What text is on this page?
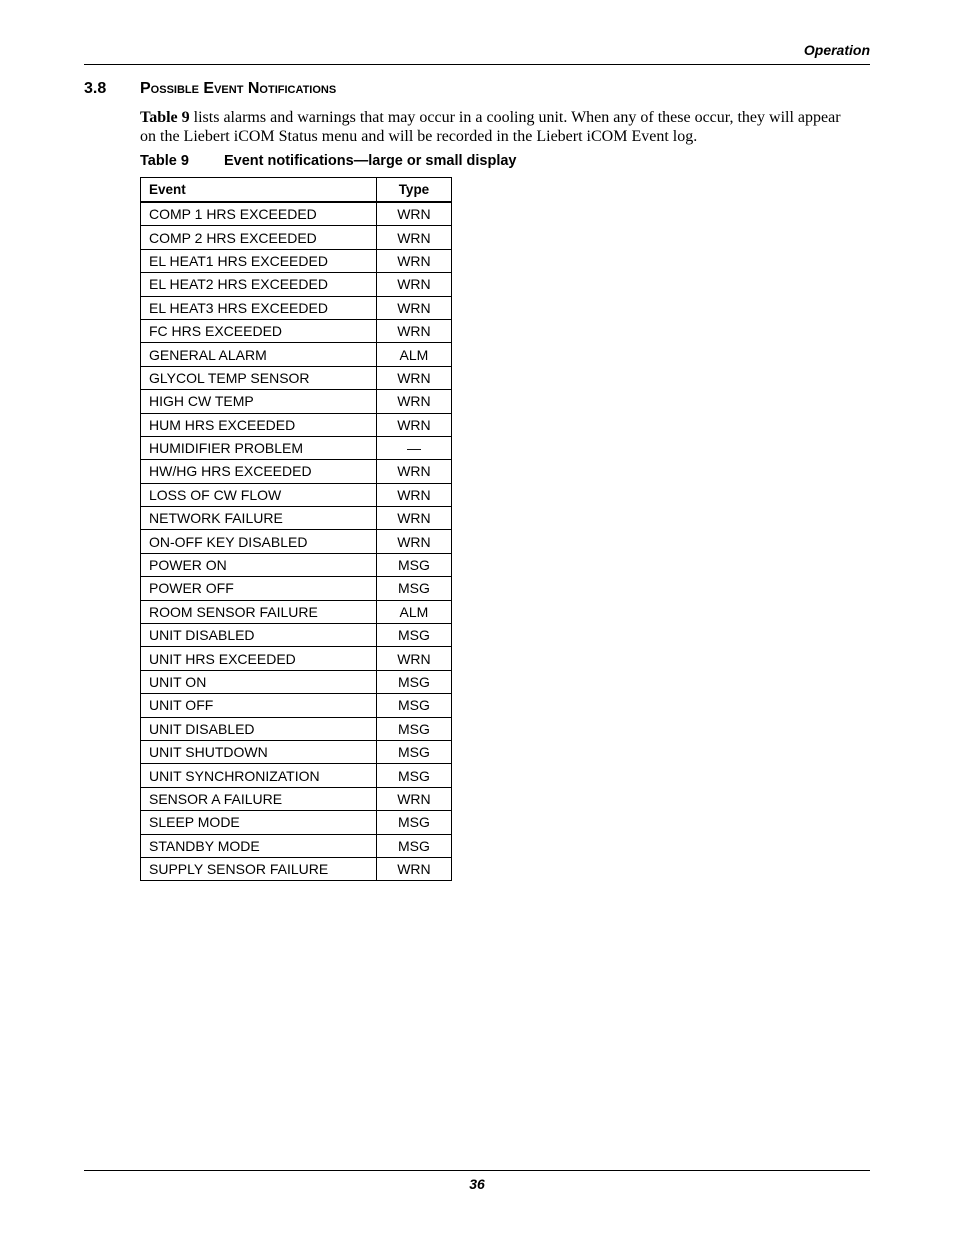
Operation
3.8 Possible Event Notifications

Table 9 lists alarms and warnings that may occur in a cooling unit. When any of these occur, they will appear on the Liebert iCOM Status menu and will be recorded in the Liebert iCOM Event log.

Table 9 Event notifications—large or small display
Event	Type
COMP 1 HRS EXCEEDED	WRN
COMP 2 HRS EXCEEDED	WRN
EL HEAT1 HRS EXCEEDED	WRN
EL HEAT2 HRS EXCEEDED	WRN
EL HEAT3 HRS EXCEEDED	WRN
FC HRS EXCEEDED	WRN
GENERAL ALARM	ALM
GLYCOL TEMP SENSOR	WRN
HIGH CW TEMP	WRN
HUM HRS EXCEEDED	WRN
HUMIDIFIER PROBLEM	—
HW/HG HRS EXCEEDED	WRN
LOSS OF CW FLOW	WRN
NETWORK FAILURE	WRN
ON-OFF KEY DISABLED	WRN
POWER ON	MSG
POWER OFF	MSG
ROOM SENSOR FAILURE	ALM
UNIT DISABLED	MSG
UNIT HRS EXCEEDED	WRN
UNIT ON	MSG
UNIT OFF	MSG
UNIT DISABLED	MSG
UNIT SHUTDOWN	MSG
UNIT SYNCHRONIZATION	MSG
SENSOR A FAILURE	WRN
SLEEP MODE	MSG
STANDBY MODE	MSG
SUPPLY SENSOR FAILURE	WRN
36
